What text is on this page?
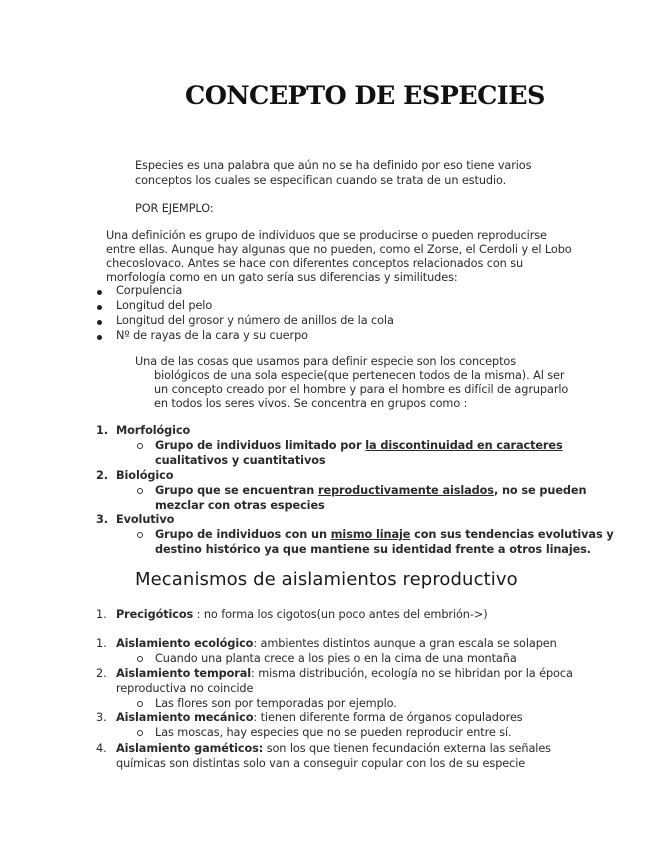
CONCEPTO DE ESPECIES
Especies es una palabra que aún no se ha definido por eso tiene varios
conceptos los cuales se especifican cuando se trata de un estudio.
POR EJEMPLO:
Una definición es grupo de individuos que se producirse o pueden reproducirse
entre ellas. Aunque hay algunas que no pueden, como el Zorse, el Cerdoli y el Lobo
checoslovaco. Antes se hace con diferentes conceptos relacionados con su
morfología como en un gato sería sus diferencias y similitudes:
Corpulencia
Longitud del pelo
Longitud del grosor y número de anillos de la cola
Nº de rayas de la cara y su cuerpo
Una de las cosas que usamos para definir especie son los conceptos
biológicos de una sola especie(que pertenecen todos de la misma). Al ser
un concepto creado por el hombre y para el hombre es difícil de agruparlo
en todos los seres vivos. Se concentra en grupos como :
1. Morfológico
Grupo de individuos limitado por la discontinuidad en caracteres
cualitativos y cuantitativos
2. Biológico
Grupo que se encuentran reproductivamente aislados, no se pueden
mezclar con otras especies
3. Evolutivo
Grupo de individuos con un mismo linaje con sus tendencias evolutivas y
destino histórico ya que mantiene su identidad frente a otros linajes.
Mecanismos de aislamientos reproductivo
1. Precigóticos : no forma los cigotos(un poco antes del embrión->)
1. Aislamiento ecológico: ambientes distintos aunque a gran escala se solapen
Cuando una planta crece a los pies o en la cima de una montaña
2. Aislamiento temporal: misma distribución, ecología no se hibridan por la época
reproductiva no coincide
Las flores son por temporadas por ejemplo.
3. Aislamiento mecánico: tienen diferente forma de órganos copuladores
Las moscas, hay especies que no se pueden reproducir entre sí.
4. Aislamiento gaméticos: son los que tienen fecundación externa las señales
químicas son distintas solo van a conseguir copular con los de su especie
